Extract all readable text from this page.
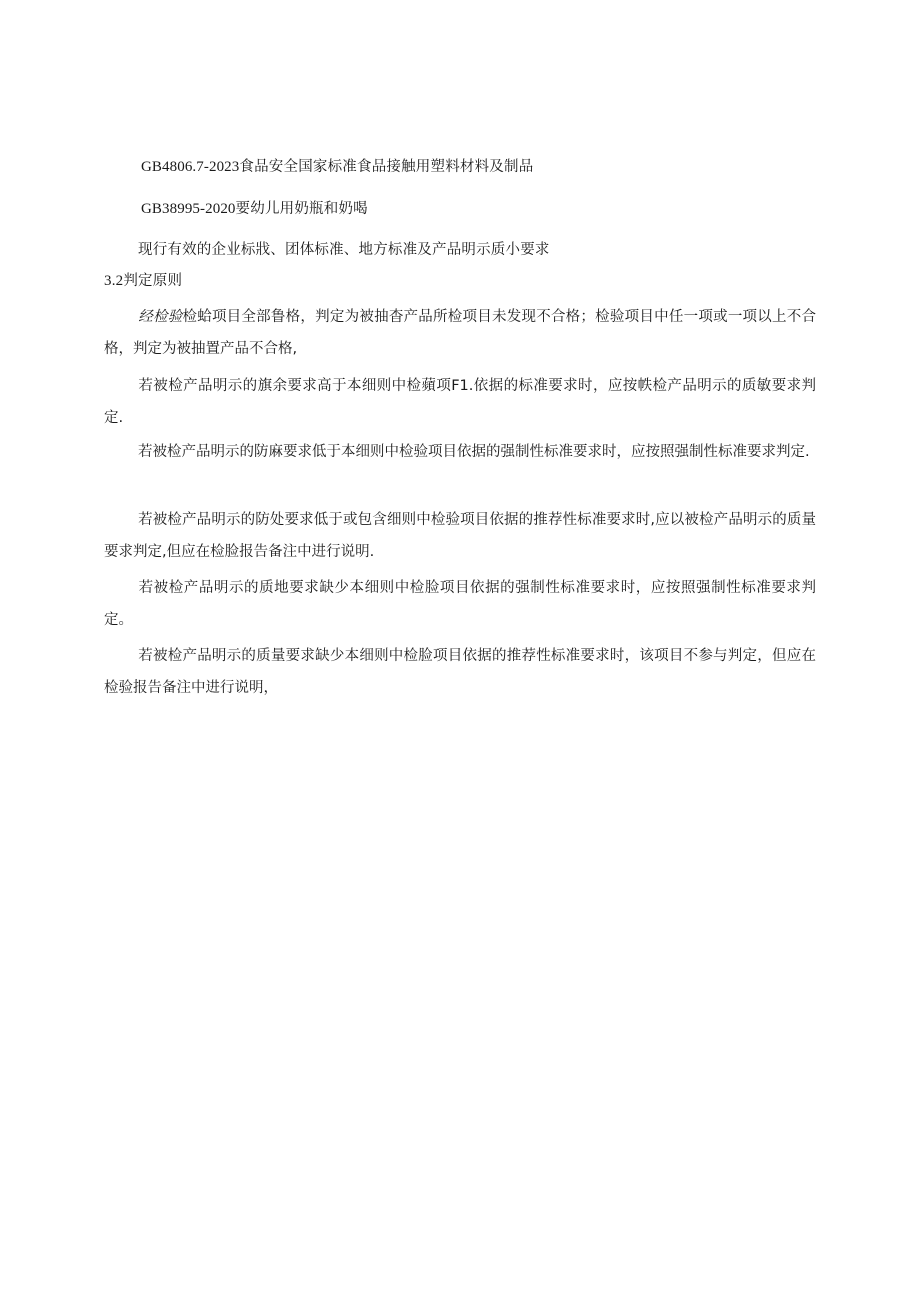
GB4806.7-2023食品安全国家标准食品接触用塑料材料及制品
GB38995-2020要幼儿用奶瓶和奶喝
现行有效的企业标戕、团体标准、地方标准及产品明示质小要求
3.2判定原则
经检验检蛤项目全部鲁格，判定为被抽杳产品所检项目未发现不合格；检验项目中任一项或一项以上不合格，判定为被抽置产品不合格,
若被检产品明示的旗余要求高于本细则中检蘋项F1.依据的标准要求时，应按帙检产品明示的质敏要求判定.
若被检产品明示的防麻要求低于本细则中检验项目依据的强制性标准要求时，应按照强制性标准要求判定.
若被检产品明示的防处要求低于或包含细则中检验项目依据的推荐性标准要求时,应以被检产品明示的质量要求判定,但应在检脸报告备注中进行说明.
若被检产品明示的质地要求缺少本细则中检脸项目依据的强制性标准要求时，应按照强制性标准要求判定。
若被检产品明示的质量要求缺少本细则中检脸项目依据的推荐性标准要求时，该项目不参与判定，但应在检验报告备注中进行说明，
